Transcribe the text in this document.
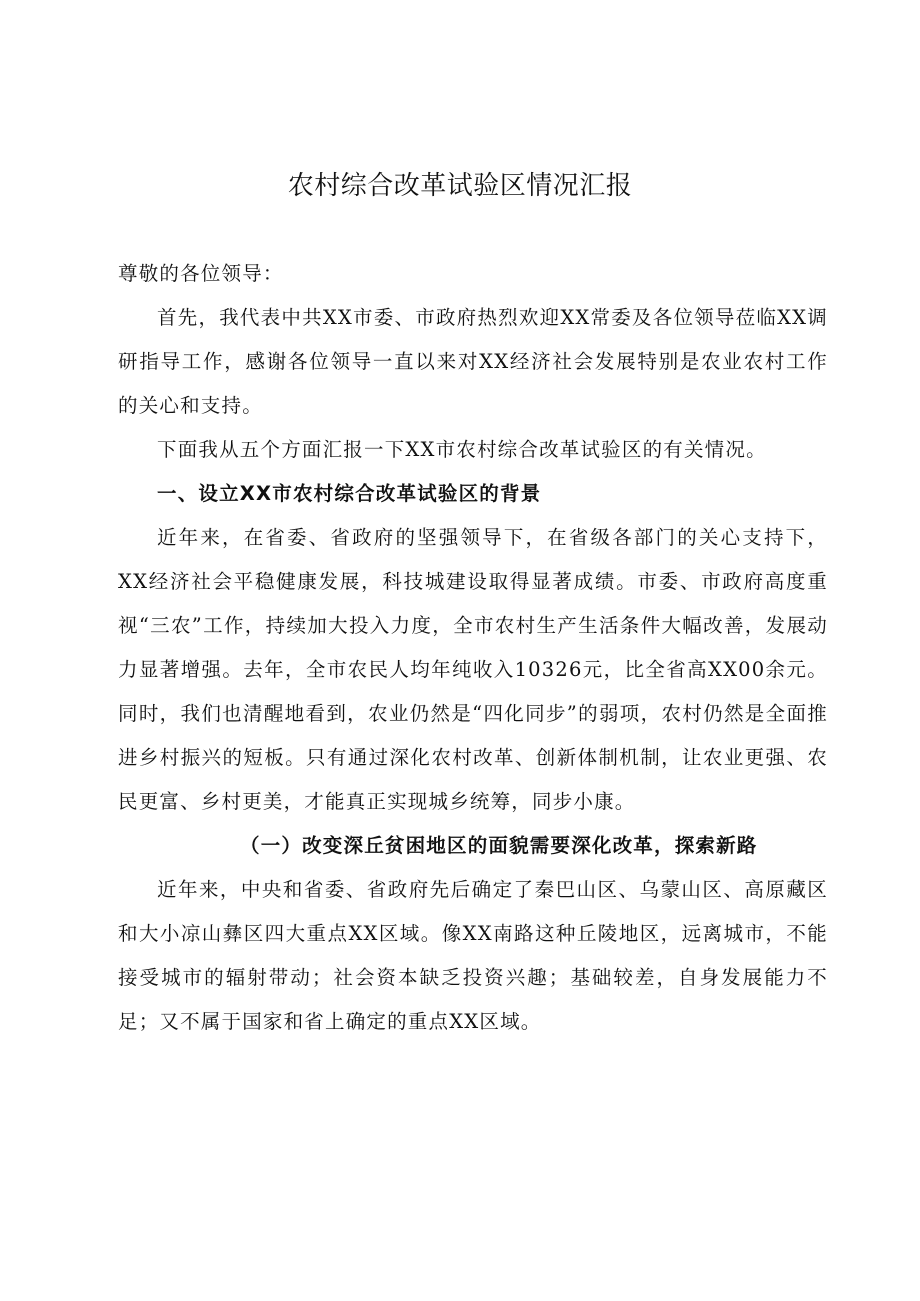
农村综合改革试验区情况汇报

尊敬的各位领导：

首先，我代表中共XX市委、市政府热烈欢迎XX常委及各位领导莅临XX调研指导工作，感谢各位领导一直以来对XX经济社会发展特别是农业农村工作的关心和支持。

下面我从五个方面汇报一下XX市农村综合改革试验区的有关情况。

一、设立XX市农村综合改革试验区的背景

近年来，在省委、省政府的坚强领导下，在省级各部门的关心支持下，XX经济社会平稳健康发展，科技城建设取得显著成绩。市委、市政府高度重视“三农”工作，持续加大投入力度，全市农村生产生活条件大幅改善，发展动力显著增强。去年，全市农民人均年纯收入10326元，比全省高XX00余元。同时，我们也清醒地看到，农业仍然是“四化同步”的弱项，农村仍然是全面推进乡村振兴的短板。只有通过深化农村改革、创新体制机制，让农业更强、农民更富、乡村更美，才能真正实现城乡统筹，同步小康。

（一）改变深丘贫困地区的面貌需要深化改革，探索新路

近年来，中央和省委、省政府先后确定了秦巴山区、乌蒙山区、高原藏区和大小凉山彝区四大重点XX区域。像XX南路这种丘陵地区，远离城市，不能接受城市的辐射带动；社会资本缺乏投资兴趣；基础较差，自身发展能力不足；又不属于国家和省上确定的重点XX区域。
